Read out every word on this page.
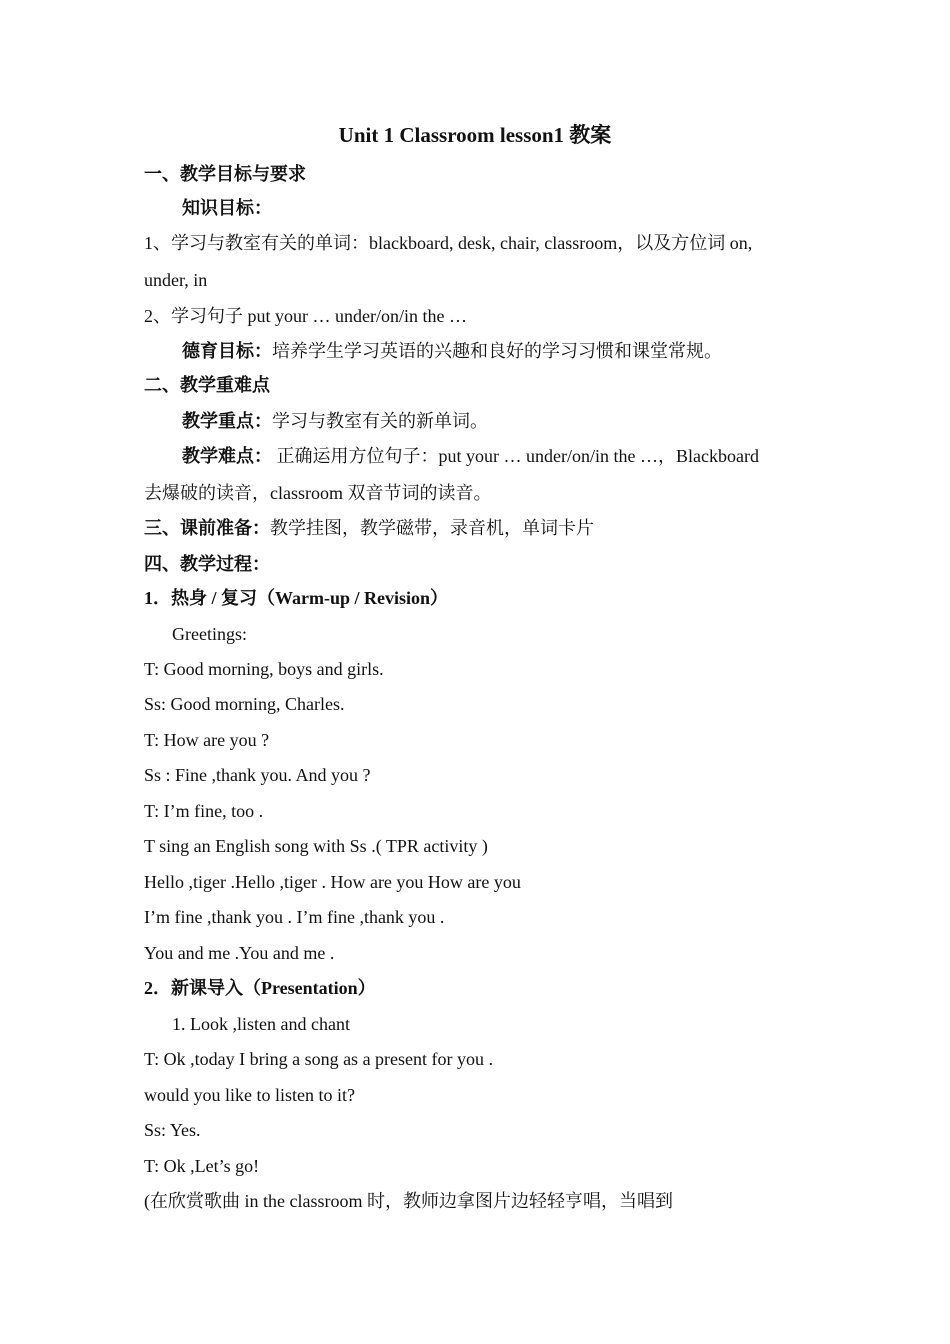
Unit 1 Classroom lesson1 教案
一、教学目标与要求
知识目标：
1、学习与教室有关的单词：blackboard, desk, chair, classroom，以及方位词 on,
under, in
2、学习句子 put your … under/on/in the …
德育目标：培养学生学习英语的兴趣和良好的学习习惯和课堂常规。
二、教学重难点
教学重点：学习与教室有关的新单词。
教学难点： 正确运用方位句子：put your … under/on/in the …，Blackboard
去爆破的读音，classroom 双音节词的读音。
三、课前准备：教学挂图，教学磁带，录音机，单词卡片
四、教学过程：
1．热身 / 复习（Warm-up / Revision）
Greetings:
T: Good morning, boys and girls.
Ss: Good morning, Charles.
T: How are you ?
Ss : Fine ,thank you. And you ?
T: I’m fine, too .
T sing an English song with Ss .( TPR activity )
Hello ,tiger .Hello ,tiger . How are you How are you
I’m fine ,thank you . I’m fine ,thank you .
You and me .You and me .
2．新课导入（Presentation）
1. Look ,listen and chant
T: Ok ,today I bring a song as a present for you .
would you like to listen to it?
Ss: Yes.
T: Ok ,Let’s go!
(在欣赏歌曲 in the classroom 时，教师边拿图片边轻轻亨唱，当唱到
